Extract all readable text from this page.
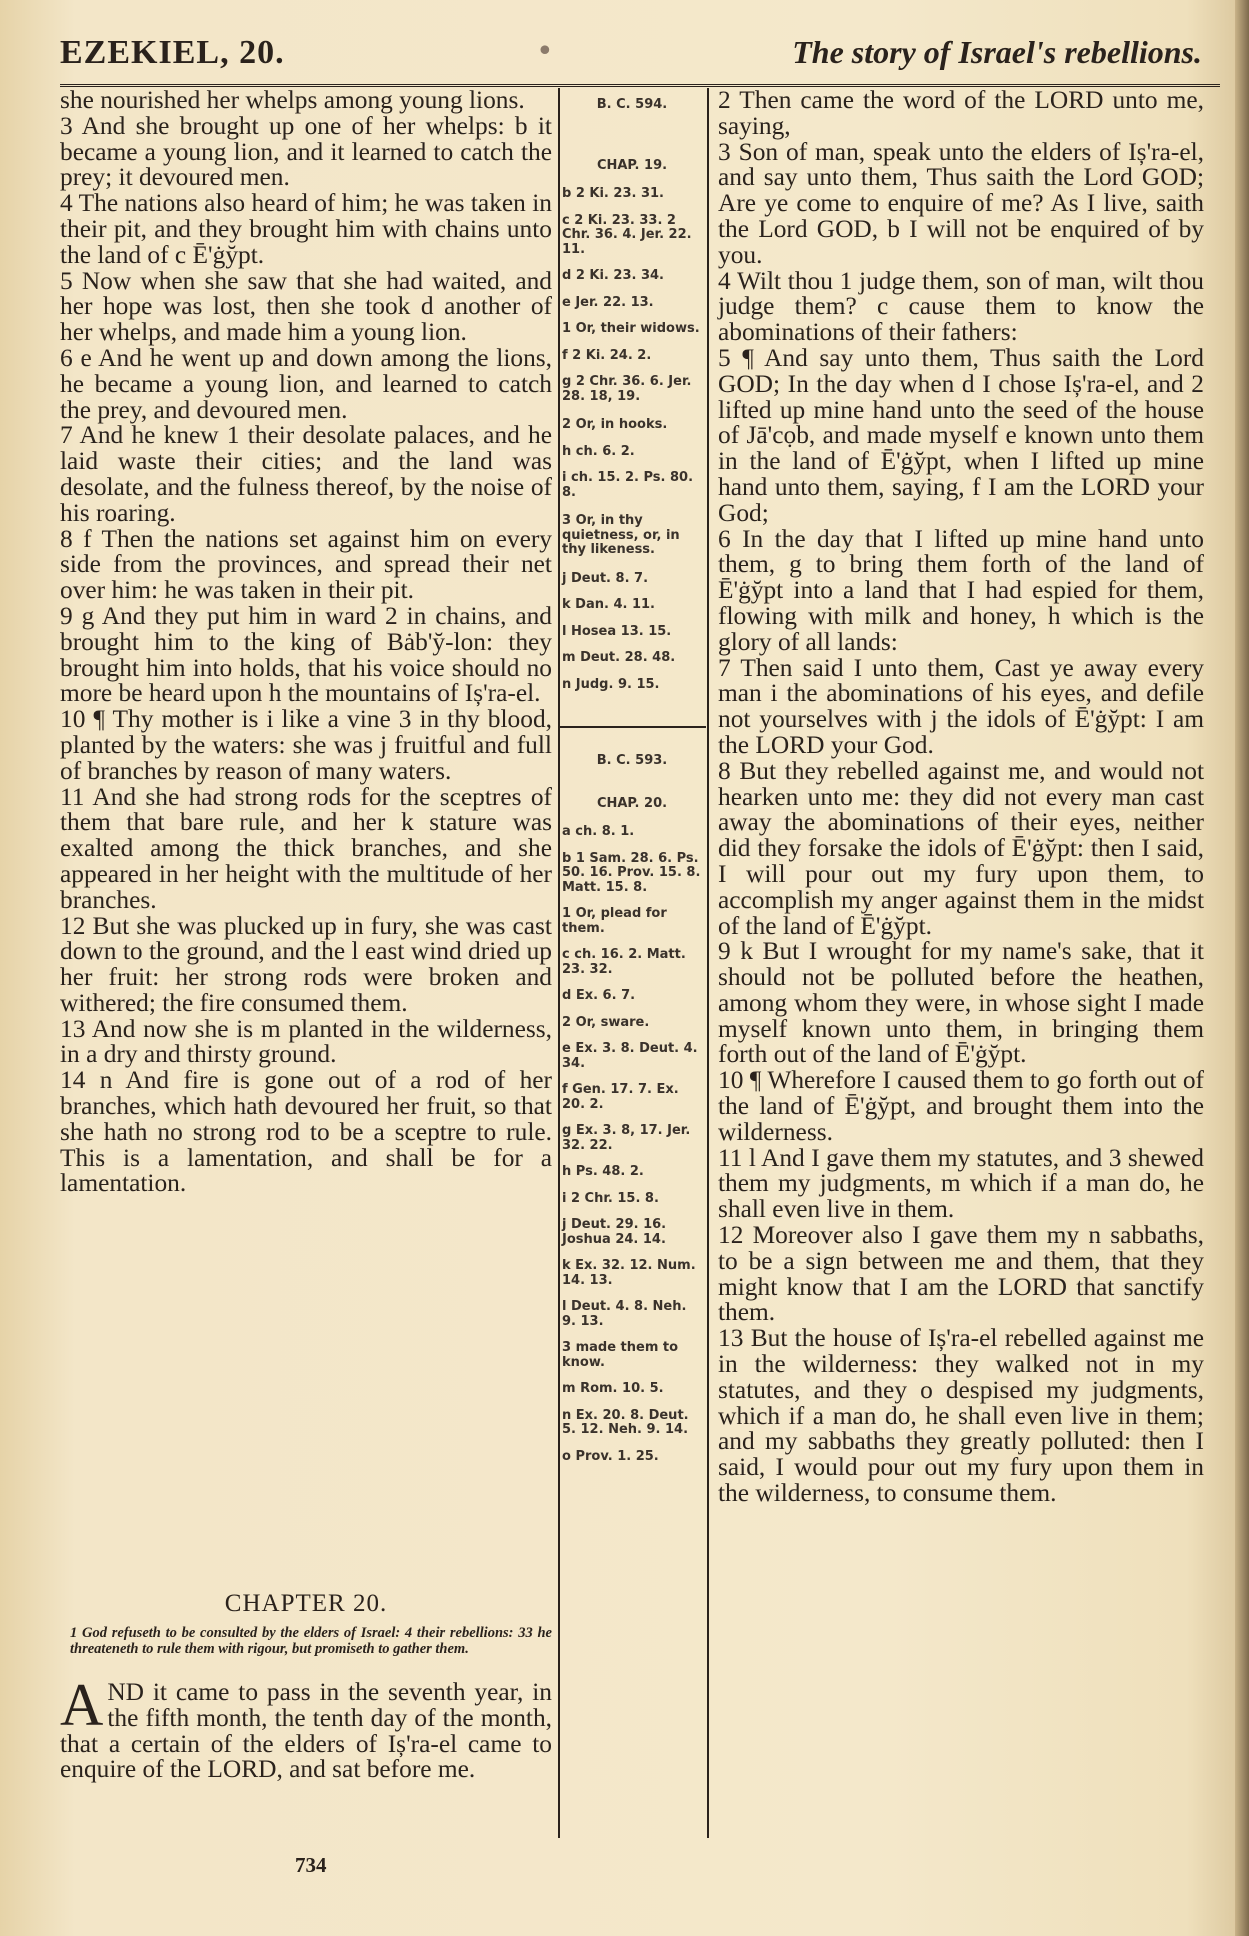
EZEKIEL, 20.	•	The story of Israel's rebellions.

she nourished her whelps among young lions.

3 And she brought up one of her whelps: b it became a young lion, and it learned to catch the prey; it devoured men.

4 The nations also heard of him; he was taken in their pit, and they brought him with chains unto the land of c Ē'ġy̆pt.

5 Now when she saw that she had waited, and her hope was lost, then she took d another of her whelps, and made him a young lion.

6 e And he went up and down among the lions, he became a young lion, and learned to catch the prey, and devoured men.

7 And he knew 1 their desolate palaces, and he laid waste their cities; and the land was desolate, and the fulness thereof, by the noise of his roaring.

8 f Then the nations set against him on every side from the provinces, and spread their net over him: he was taken in their pit.

9 g And they put him in ward 2 in chains, and brought him to the king of Bȧb'y̆-lon: they brought him into holds, that his voice should no more be heard upon h the mountains of Iș'ra-el.

10 ¶ Thy mother is i like a vine 3 in thy blood, planted by the waters: she was j fruitful and full of branches by reason of many waters.

11 And she had strong rods for the sceptres of them that bare rule, and her k stature was exalted among the thick branches, and she appeared in her height with the multitude of her branches.

12 But she was plucked up in fury, she was cast down to the ground, and the l east wind dried up her fruit: her strong rods were broken and withered; the fire consumed them.

13 And now she is m planted in the wilderness, in a dry and thirsty ground.

14 n And fire is gone out of a rod of her branches, which hath devoured her fruit, so that she hath no strong rod to be a sceptre to rule. This is a lamentation, and shall be for a lamentation.

CHAPTER 20.
1 God refuseth to be consulted by the elders of Israel: 4 their rebellions: 33 he threateneth to rule them with rigour, but promiseth to gather them.
AND it came to pass in the seventh year, in the fifth month, the tenth day of the month, that a certain of the elders of Iș'ra-el came to enquire of the LORD, and sat before me.
B. C. 594.
CHAP. 19.
b 2 Ki. 23. 31.
c 2 Ki. 23. 33. 2 Chr. 36. 4. Jer. 22. 11.
d 2 Ki. 23. 34.
e Jer. 22. 13.
1 Or, their widows.
f 2 Ki. 24. 2.
g 2 Chr. 36. 6. Jer. 28. 18, 19.
2 Or, in hooks.
h ch. 6. 2.
i ch. 15. 2. Ps. 80. 8.
3 Or, in thy quietness, or, in thy likeness.
j Deut. 8. 7.
k Dan. 4. 11.
l Hosea 13. 15.
m Deut. 28. 48.
n Judg. 9. 15.
B. C. 593.
CHAP. 20.
a ch. 8. 1.
b 1 Sam. 28. 6. Ps. 50. 16. Prov. 15. 8. Matt. 15. 8.
1 Or, plead for them.
c ch. 16. 2. Matt. 23. 32.
d Ex. 6. 7.
2 Or, sware.
e Ex. 3. 8. Deut. 4. 34.
f Gen. 17. 7. Ex. 20. 2.
g Ex. 3. 8, 17. Jer. 32. 22.
h Ps. 48. 2.
i 2 Chr. 15. 8.
j Deut. 29. 16. Joshua 24. 14.
k Ex. 32. 12. Num. 14. 13.
l Deut. 4. 8. Neh. 9. 13.
3 made them to know.
m Rom. 10. 5.
n Ex. 20. 8. Deut. 5. 12. Neh. 9. 14.
o Prov. 1. 25.

2 Then came the word of the LORD unto me, saying,

3 Son of man, speak unto the elders of Iș'ra-el, and say unto them, Thus saith the Lord GOD; Are ye come to enquire of me? As I live, saith the Lord GOD, b I will not be enquired of by you.

4 Wilt thou 1 judge them, son of man, wilt thou judge them? c cause them to know the abominations of their fathers:

5 ¶ And say unto them, Thus saith the Lord GOD; In the day when d I chose Iș'ra-el, and 2 lifted up mine hand unto the seed of the house of Jā'cọb, and made myself e known unto them in the land of Ē'ġy̆pt, when I lifted up mine hand unto them, saying, f I am the LORD your God;

6 In the day that I lifted up mine hand unto them, g to bring them forth of the land of Ē'ġy̆pt into a land that I had espied for them, flowing with milk and honey, h which is the glory of all lands:

7 Then said I unto them, Cast ye away every man i the abominations of his eyes, and defile not yourselves with j the idols of Ē'ġy̆pt: I am the LORD your God.

8 But they rebelled against me, and would not hearken unto me: they did not every man cast away the abominations of their eyes, neither did they forsake the idols of Ē'ġy̆pt: then I said, I will pour out my fury upon them, to accomplish my anger against them in the midst of the land of Ē'ġy̆pt.

9 k But I wrought for my name's sake, that it should not be polluted before the heathen, among whom they were, in whose sight I made myself known unto them, in bringing them forth out of the land of Ē'ġy̆pt.

10 ¶ Wherefore I caused them to go forth out of the land of Ē'ġy̆pt, and brought them into the wilderness.

11 l And I gave them my statutes, and 3 shewed them my judgments, m which if a man do, he shall even live in them.

12 Moreover also I gave them my n sabbaths, to be a sign between me and them, that they might know that I am the LORD that sanctify them.

13 But the house of Iș'ra-el rebelled against me in the wilderness: they walked not in my statutes, and they o despised my judgments, which if a man do, he shall even live in them; and my sabbaths they greatly polluted: then I said, I would pour out my fury upon them in the wilderness, to consume them.

734
